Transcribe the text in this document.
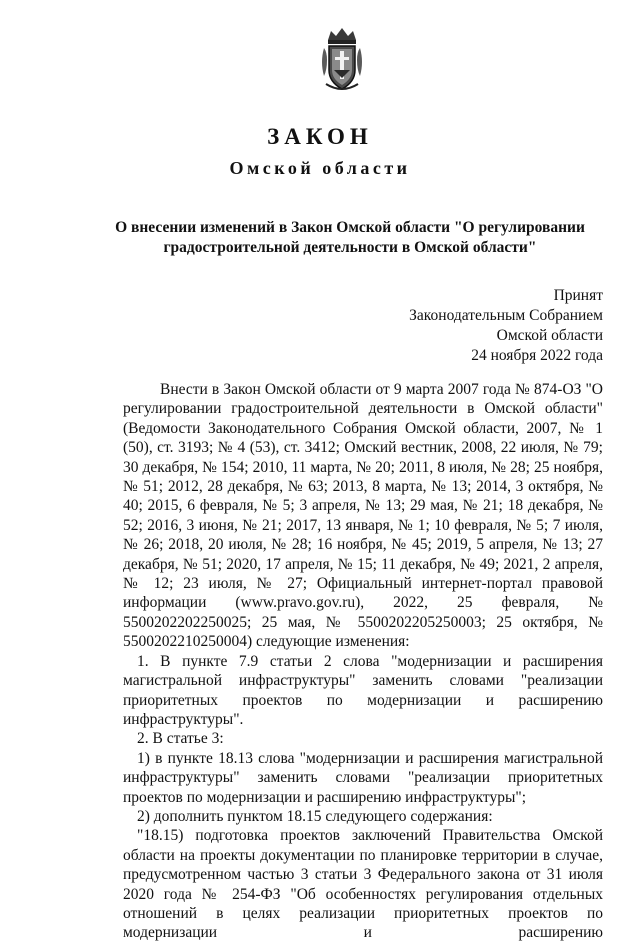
ЗАКОН
Омской области
О внесении изменений в Закон Омской области "О регулировании
градостроительной деятельности в Омской области"
Принят
Законодательным Собранием
Омской области
24 ноября 2022 года

Внести в Закон Омской области от 9 марта 2007 года № 874-ОЗ "О регулировании градостроительной деятельности в Омской области" (Ведомости Законодательного Собрания Омской области, 2007, № 1 (50), ст. 3193; № 4 (53), ст. 3412; Омский вестник, 2008, 22 июля, № 79; 30 декабря, № 154; 2010, 11 марта, № 20; 2011, 8 июля, № 28; 25 ноября, № 51; 2012, 28 декабря, № 63; 2013, 8 марта, № 13; 2014, 3 октября, № 40; 2015, 6 февраля, № 5; 3 апреля, № 13; 29 мая, № 21; 18 декабря, № 52; 2016, 3 июня, № 21; 2017, 13 января, № 1; 10 февраля, № 5; 7 июля, № 26; 2018, 20 июля, № 28; 16 ноября, № 45; 2019, 5 апреля, № 13; 27 декабря, № 51; 2020, 17 апреля, № 15; 11 декабря, № 49; 2021, 2 апреля, № 12; 23 июля, № 27; Официальный интернет-портал правовой информации (www.pravo.gov.ru), 2022, 25 февраля, № 5500202202250025; 25 мая, № 5500202205250003; 25 октября, № 5500202210250004) следующие изменения:

1. В пункте 7.9 статьи 2 слова "модернизации и расширения магистральной инфраструктуры" заменить словами "реализации приоритетных проектов по модернизации и расширению инфраструктуры".

2. В статье 3:

1) в пункте 18.13 слова "модернизации и расширения магистральной инфраструктуры" заменить словами "реализации приоритетных проектов по модернизации и расширению инфраструктуры";

2) дополнить пунктом 18.15 следующего содержания:

"18.15) подготовка проектов заключений Правительства Омской области на проекты документации по планировке территории в случае, предусмотренном частью 3 статьи 3 Федерального закона от 31 июля 2020 года № 254-ФЗ "Об особенностях регулирования отдельных отношений в целях реализации приоритетных проектов по модернизации и расширению
